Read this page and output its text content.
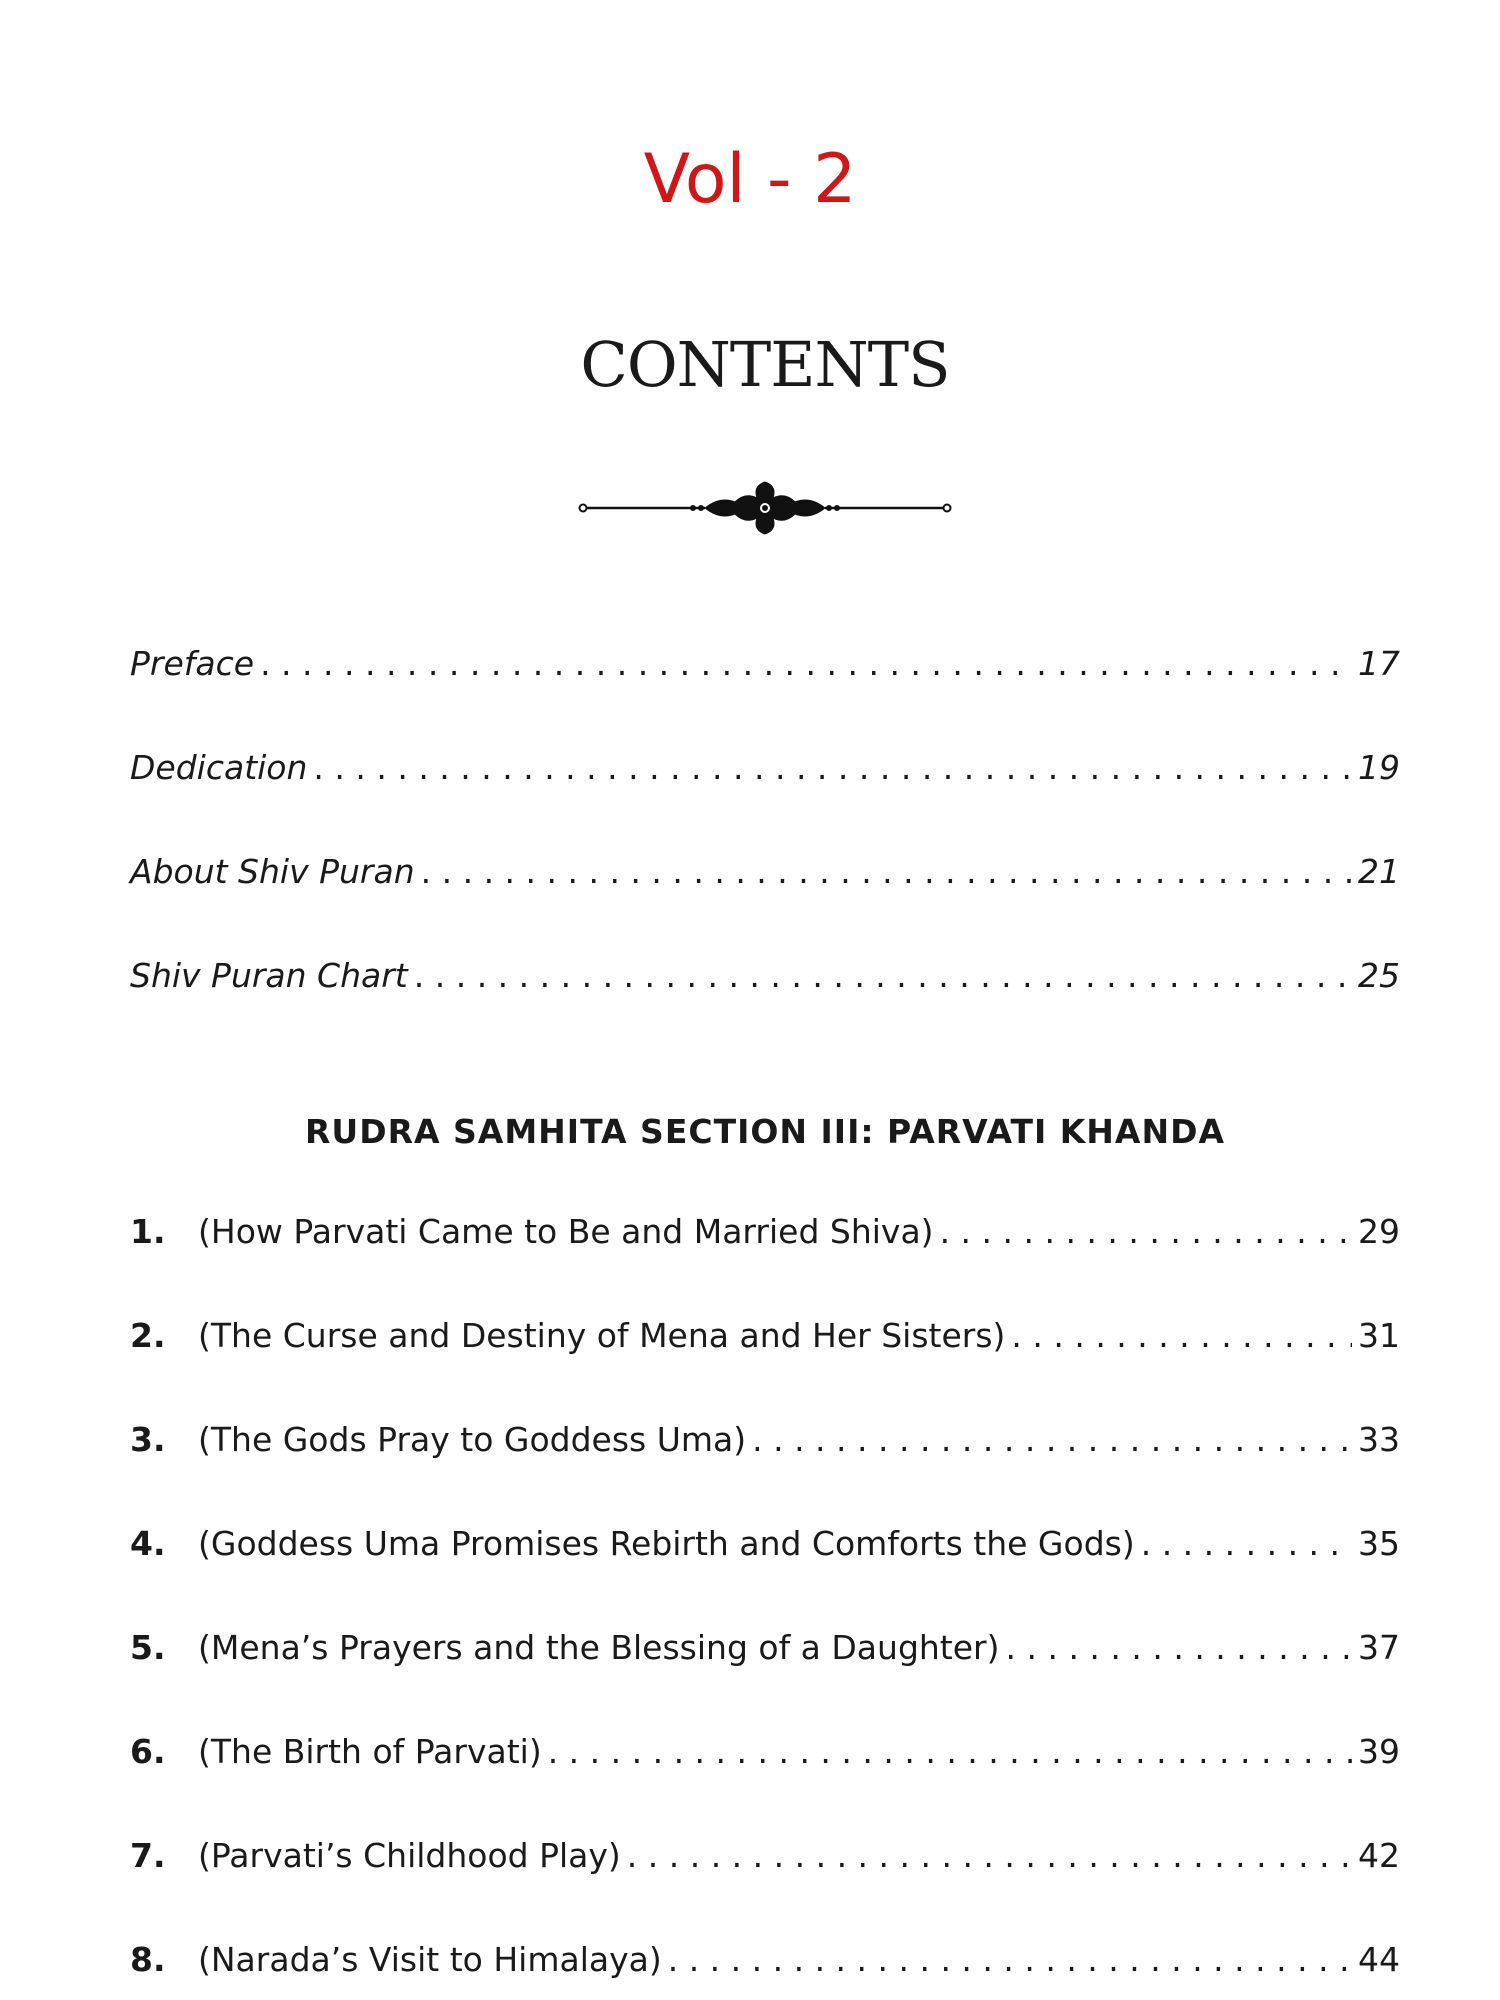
Vol - 2
CONTENTS
Preface . . .	17
Dedication . . .	19
About Shiv Puran . . .	21
Shiv Puran Chart . . .	25
RUDRA SAMHITA SECTION III: PARVATI KHANDA
1. (How Parvati Came to Be and Married Shiva) . . .	29
2. (The Curse and Destiny of Mena and Her Sisters) . . .	31
3. (The Gods Pray to Goddess Uma) . . .	33
4. (Goddess Uma Promises Rebirth and Comforts the Gods) . . .	35
5. (Mena’s Prayers and the Blessing of a Daughter) . . .	37
6. (The Birth of Parvati) . . .	39
7. (Parvati’s Childhood Play) . . .	42
8. (Narada’s Visit to Himalaya) . . .	44
